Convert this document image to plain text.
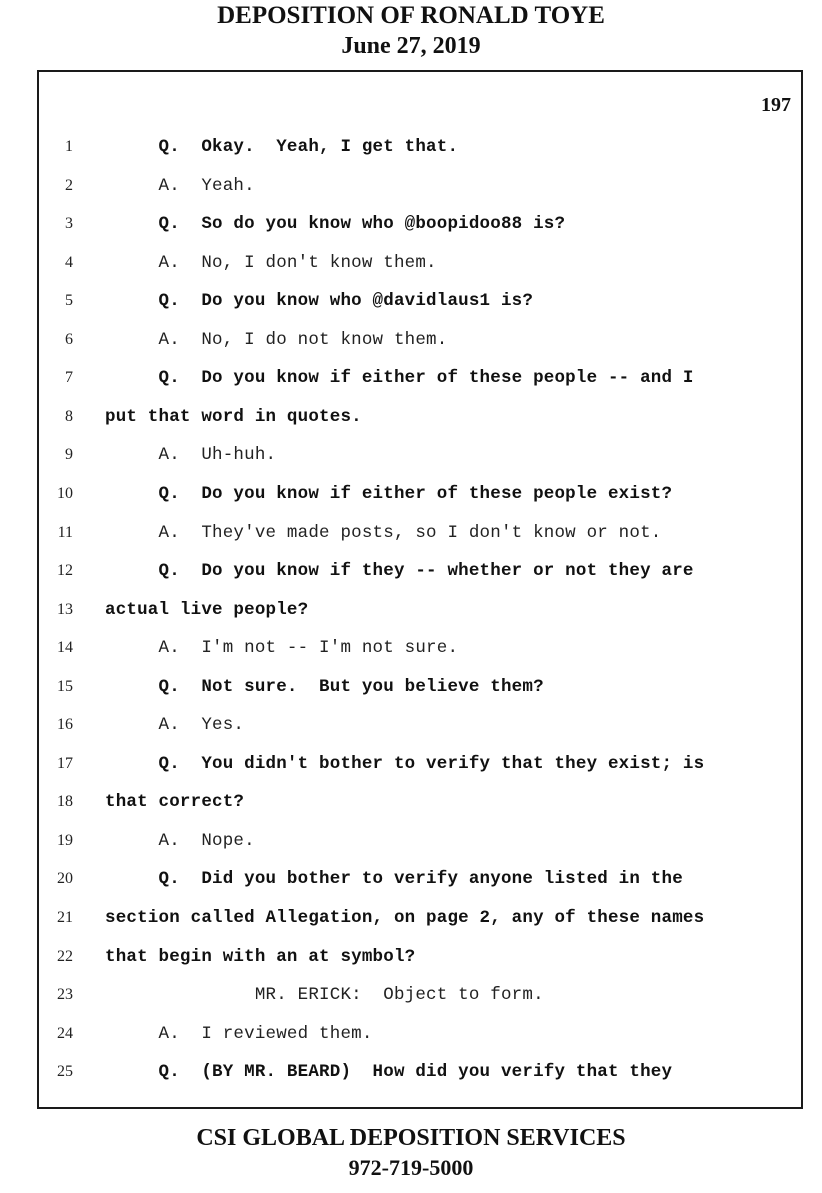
DEPOSITION OF RONALD TOYE
June 27, 2019
197
1 Q.  Okay.  Yeah, I get that.
2 A.  Yeah.
3 Q.  So do you know who @boopidoo88 is?
4 A.  No, I don't know them.
5 Q.  Do you know who @davidlaus1 is?
6 A.  No, I do not know them.
7 Q.  Do you know if either of these people -- and I
8 put that word in quotes.
9 A.  Uh-huh.
10 Q.  Do you know if either of these people exist?
11 A.  They've made posts, so I don't know or not.
12 Q.  Do you know if they -- whether or not they are
13 actual live people?
14 A.  I'm not -- I'm not sure.
15 Q.  Not sure.  But you believe them?
16 A.  Yes.
17 Q.  You didn't bother to verify that they exist; is
18 that correct?
19 A.  Nope.
20 Q.  Did you bother to verify anyone listed in the
21 section called Allegation, on page 2, any of these names
22 that begin with an at symbol?
23 MR. ERICK:  Object to form.
24 A.  I reviewed them.
25 Q.  (BY MR. BEARD)  How did you verify that they
CSI GLOBAL DEPOSITION SERVICES
972-719-5000
